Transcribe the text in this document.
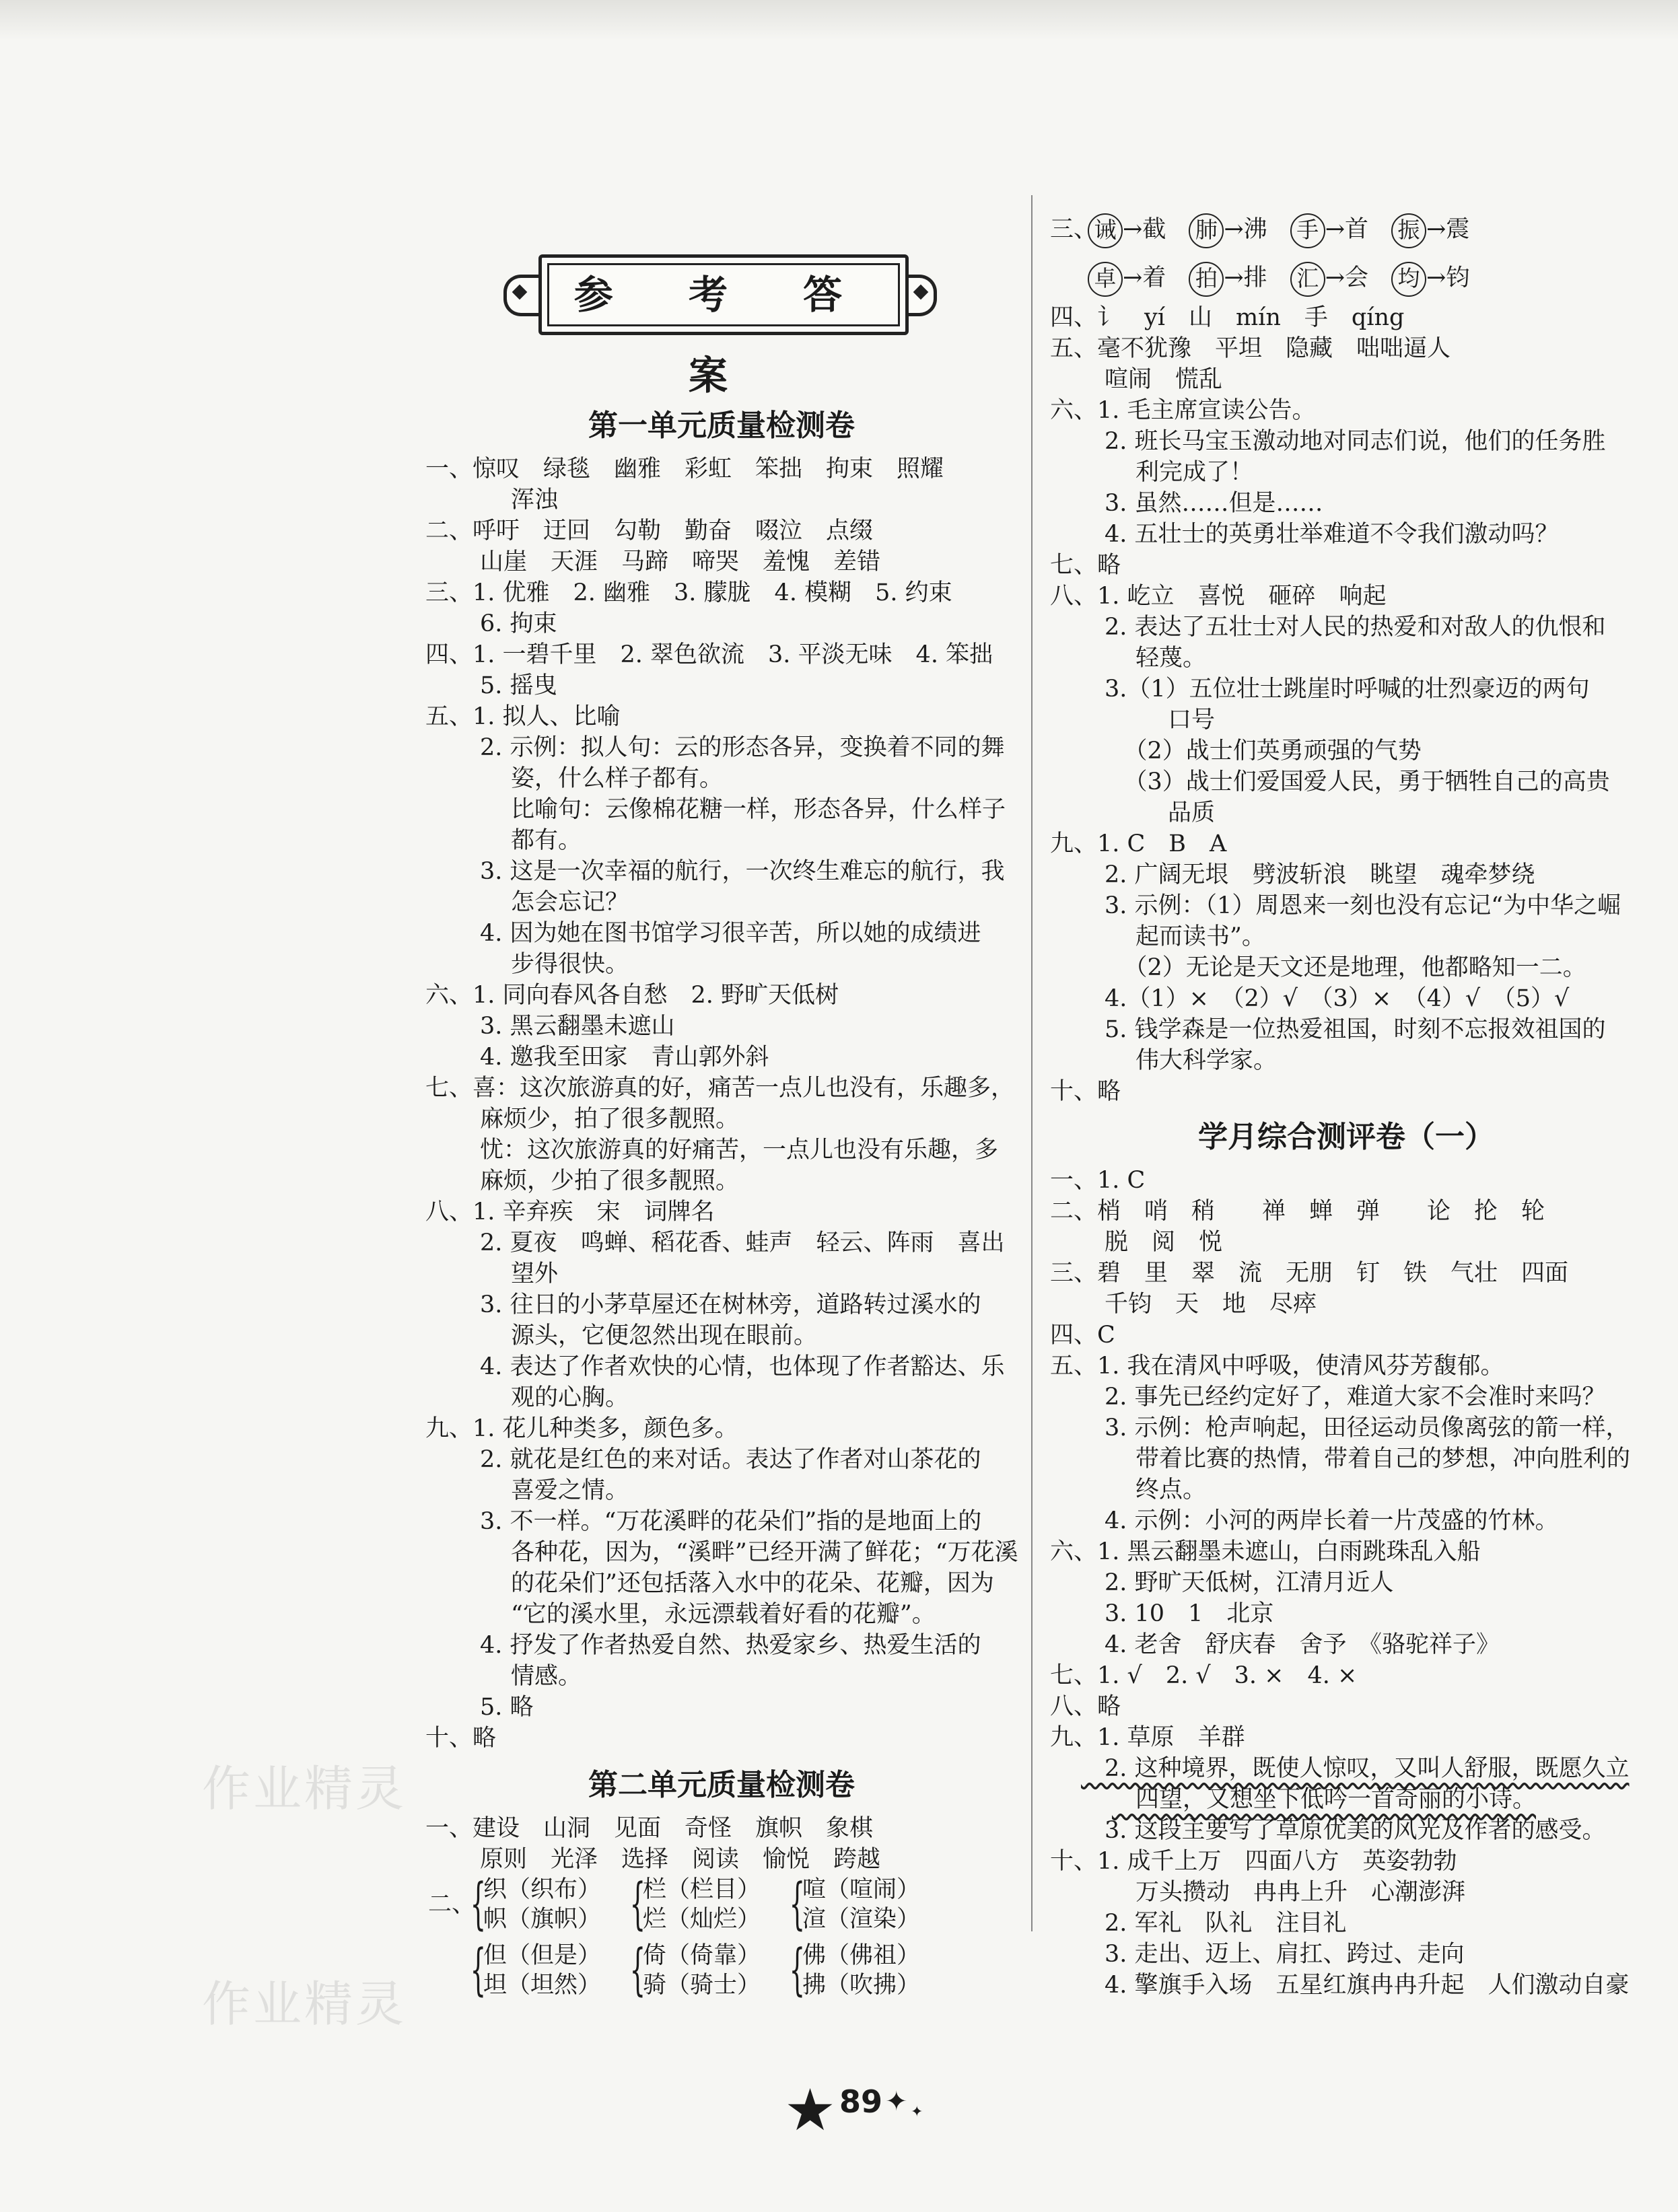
参 考 答 案
第一单元质量检测卷
一、惊叹　绿毯　幽雅　彩虹　笨拙　拘束　照耀
　浑浊
二、呼吁　迂回　勾勒　勤奋　啜泣　点缀
　山崖　天涯　马蹄　啼哭　羞愧　差错
三、1. 优雅　2. 幽雅　3. 朦胧　4. 模糊　5. 约束
　6. 拘束
四、1. 一碧千里　2. 翠色欲流　3. 平淡无味　4. 笨拙
　5. 摇曳
五、1. 拟人、比喻
　2. 示例：拟人句：云的形态各异，变换着不同的舞
　姿，什么样子都有。
　比喻句：云像棉花糖一样，形态各异，什么样子
　都有。
　3. 这是一次幸福的航行，一次终生难忘的航行，我
　怎会忘记？
　4. 因为她在图书馆学习很辛苦，所以她的成绩进
　步得很快。
六、1. 同向春风各自愁　2. 野旷天低树
　3. 黑云翻墨未遮山
　4. 邀我至田家　青山郭外斜
七、喜：这次旅游真的好，痛苦一点儿也没有，乐趣多，
　麻烦少，拍了很多靓照。
　忧：这次旅游真的好痛苦，一点儿也没有乐趣，多
　麻烦，少拍了很多靓照。
八、1. 辛弃疾　宋　词牌名
　2. 夏夜　鸣蝉、稻花香、蛙声　轻云、阵雨　喜出
　望外
　3. 往日的小茅草屋还在树林旁，道路转过溪水的
　源头，它便忽然出现在眼前。
　4. 表达了作者欢快的心情，也体现了作者豁达、乐
　观的心胸。
九、1. 花儿种类多，颜色多。
　2. 就花是红色的来对话。表达了作者对山茶花的
　喜爱之情。
　3. 不一样。“万花溪畔的花朵们”指的是地面上的
　各种花，因为，“溪畔”已经开满了鲜花；“万花溪
　的花朵们”还包括落入水中的花朵、花瓣，因为
　“它的溪水里，永远漂载着好看的花瓣”。
　4. 抒发了作者热爱自然、热爱家乡、热爱生活的
　情感。
　5. 略
十、略
第二单元质量检测卷
一、建设　山洞　见面　奇怪　旗帜　象棋
　原则　光泽　选择　阅读　愉悦　跨越
二、
{
织（织布）
帜（旗帜） {
栏（栏目）
烂（灿烂） {
喧（喧闹）
渲（渲染）
{
但（但是）
坦（坦然） {
倚（倚靠）
骑（骑士） {
佛（佛祖）
拂（吹拂）
三、诫 →截 肺 →沸 手 →首 振 →震
卓 →着 拍 →排 汇 →会 均 →钧
四、讠　yí　山　mín　手　qíng
五、毫不犹豫　平坦　隐藏　咄咄逼人
　喧闹　慌乱
六、1. 毛主席宣读公告。
　2. 班长马宝玉激动地对同志们说，他们的任务胜
　利完成了！
　3. 虽然……但是……
　4. 五壮士的英勇壮举难道不令我们激动吗？
七、略
八、1. 屹立　喜悦　砸碎　响起
　2. 表达了五壮士对人民的热爱和对敌人的仇恨和
　轻蔑。
　3.（1）五位壮士跳崖时呼喊的壮烈豪迈的两句
　口号
　（2）战士们英勇顽强的气势
　（3）战士们爱国爱人民，勇于牺牲自己的高贵
　品质
九、1. C　B　A
　2. 广阔无垠　劈波斩浪　眺望　魂牵梦绕
　3. 示例：（1）周恩来一刻也没有忘记“为中华之崛
　起而读书”。
　（2）无论是天文还是地理，他都略知一二。
　4.（1）×　（2）√　（3）×　（4）√　（5）√
　5. 钱学森是一位热爱祖国，时刻不忘报效祖国的
　伟大科学家。
十、略
学月综合测评卷（一）
一、1. C
二、梢　哨　稍　　禅　蝉　弹　　论　抡　轮
　脱　阅　悦
三、碧　里　翠　流　无朋　钉　铁　气壮　四面
　千钧　天　地　尽瘁
四、C
五、1. 我在清风中呼吸，使清风芬芳馥郁。
　2. 事先已经约定好了，难道大家不会准时来吗？
　3. 示例：枪声响起，田径运动员像离弦的箭一样，
　带着比赛的热情，带着自己的梦想，冲向胜利的
　终点。
　4. 示例：小河的两岸长着一片茂盛的竹林。
六、1. 黑云翻墨未遮山，白雨跳珠乱入船
　2. 野旷天低树，江清月近人
　3. 10　1　北京
　4. 老舍　舒庆春　舍予　《骆驼祥子》
七、1. √　2. √　3. ×　4. ×
八、略
九、1. 草原　羊群
　2. 这种境界，既使人惊叹，又叫人舒服，既愿久立
　四望，又想坐下低吟一首奇丽的小诗。
　3. 这段主要写了草原优美的风光及作者的感受。
十、1. 成千上万　四面八方　英姿勃勃
　万头攒动　冉冉上升　心潮澎湃
　2. 军礼　队礼　注目礼
　3. 走出、迈上、肩扛、跨过、走向
　4. 擎旗手入场　五星红旗冉冉升起　人们激动自豪
作业精灵
作业精灵
★ 89 ✦ ✦
